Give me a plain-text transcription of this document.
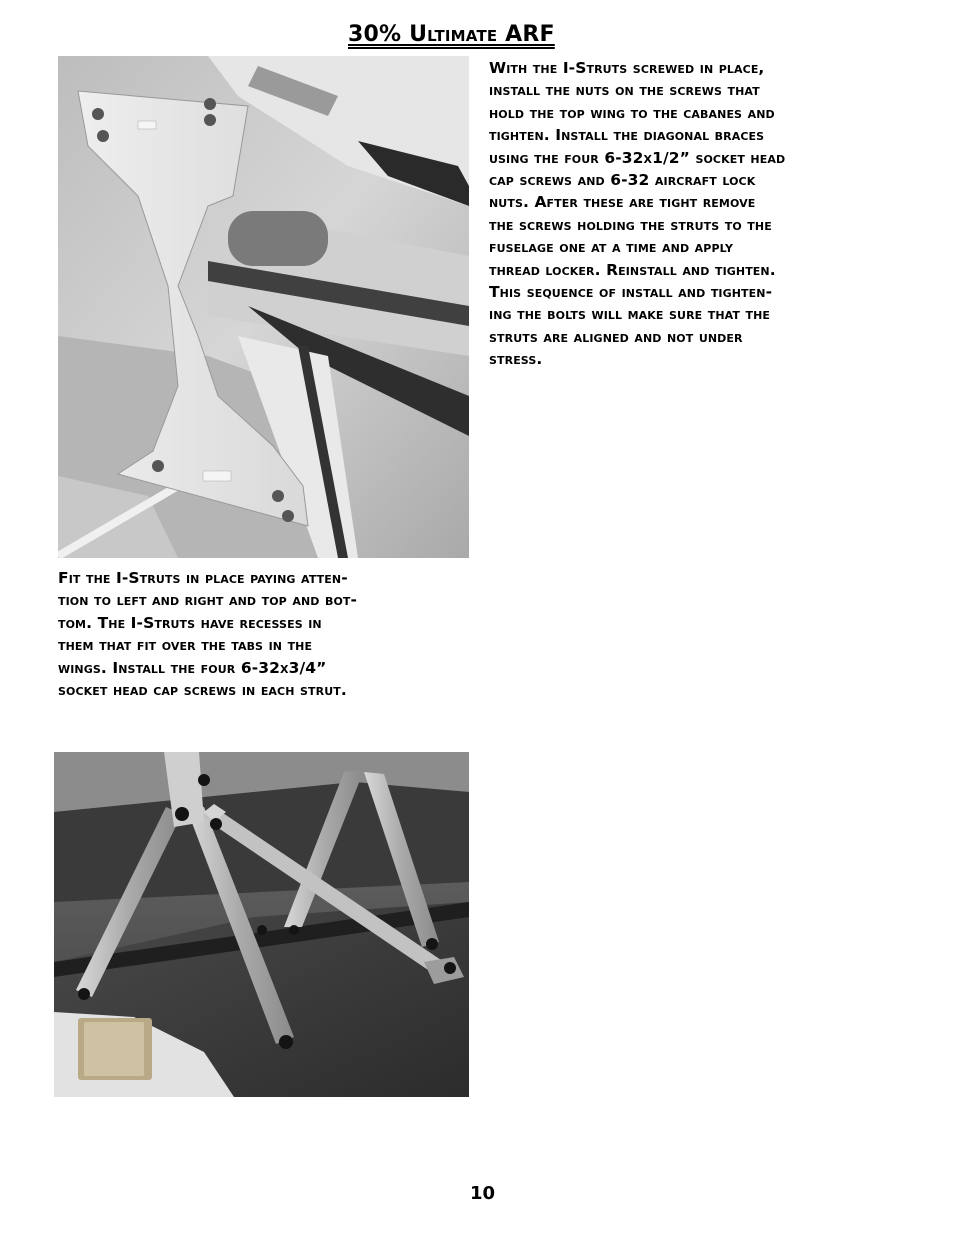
30% Ultimate ARF
With the I-Struts screwed in place,
install the nuts on the screws that
hold the top wing to the cabanes and
tighten. Install the diagonal braces
using the four 6-32x1/2” socket head
cap screws and 6-32 aircraft lock
nuts. After these are tight remove
the screws holding the struts to the
fuselage one at a time and apply
thread locker. Reinstall and tighten.
This sequence of install and tighten-
ing the bolts will make sure that the
struts are aligned and not under
stress.
Fit the I-Struts in place paying atten-
tion to left and right and top and bot-
tom. The I-Struts have recesses in
them that fit over the tabs in the
wings. Install the four 6-32x3/4”
socket head cap screws in each strut.
10
